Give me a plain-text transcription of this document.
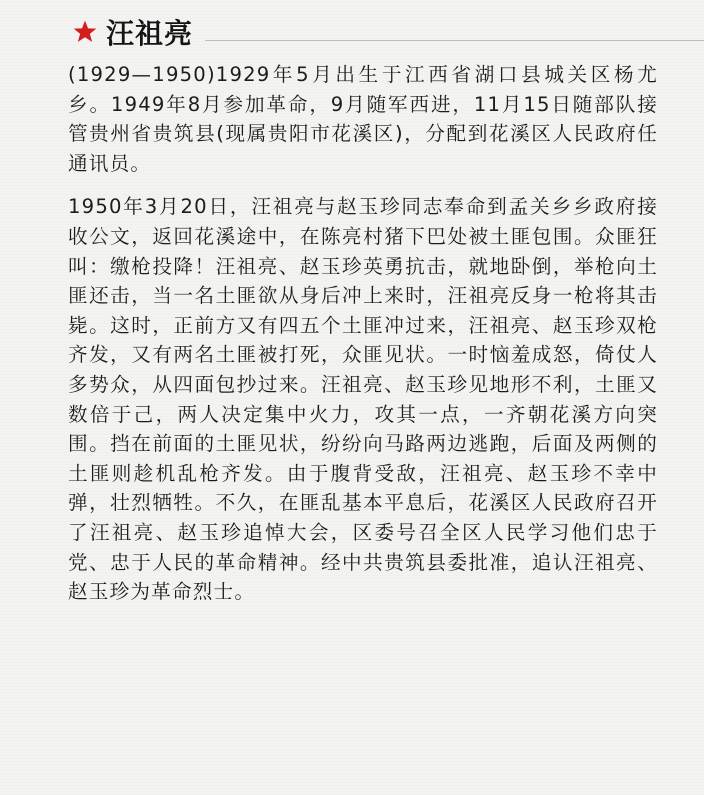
汪祖亮

(1929—1950)1929年5月出生于江西省湖口县城关区杨尤乡。1949年8月参加革命，9月随军西进，11月15日随部队接管贵州省贵筑县(现属贵阳市花溪区)，分配到花溪区人民政府任通讯员。

1950年3月20日，汪祖亮与赵玉珍同志奉命到孟关乡乡政府接收公文，返回花溪途中，在陈亮村猪下巴处被土匪包围。众匪狂叫：缴枪投降！汪祖亮、赵玉珍英勇抗击，就地卧倒，举枪向土匪还击，当一名土匪欲从身后冲上来时，汪祖亮反身一枪将其击毙。这时，正前方又有四五个土匪冲过来，汪祖亮、赵玉珍双枪齐发，又有两名土匪被打死，众匪见状。一时恼羞成怒，倚仗人多势众，从四面包抄过来。汪祖亮、赵玉珍见地形不利，土匪又数倍于己，两人决定集中火力，攻其一点，一齐朝花溪方向突围。挡在前面的土匪见状，纷纷向马路两边逃跑，后面及两侧的土匪则趁机乱枪齐发。由于腹背受敌，汪祖亮、赵玉珍不幸中弹，壮烈牺牲。不久，在匪乱基本平息后，花溪区人民政府召开了汪祖亮、赵玉珍追悼大会，区委号召全区人民学习他们忠于党、忠于人民的革命精神。经中共贵筑县委批准，追认汪祖亮、赵玉珍为革命烈士。
